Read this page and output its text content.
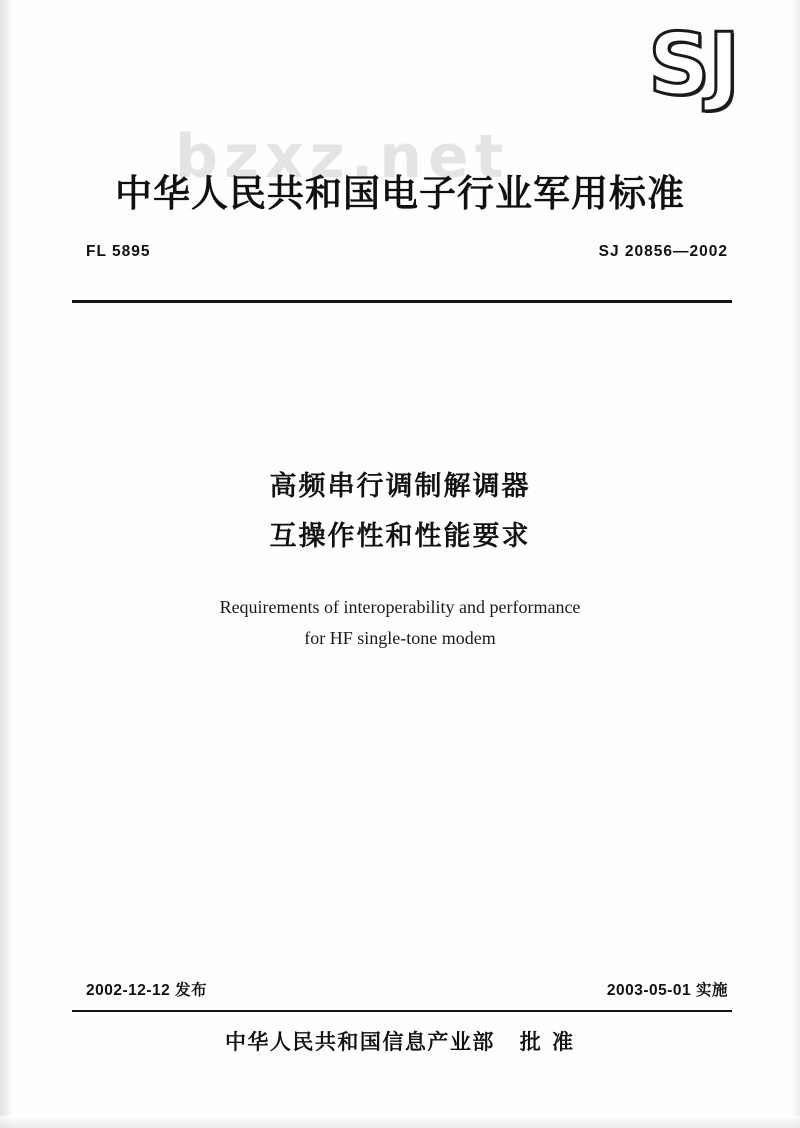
SJ
bzxz.net
中华人民共和国电子行业军用标准
FL 5895	SJ 20856—2002
高频串行调制解调器
互操作性和性能要求
Requirements of interoperability and performance
for HF single-tone modem
2002-12-12 发布	2003-05-01 实施
中华人民共和国信息产业部 批 准
